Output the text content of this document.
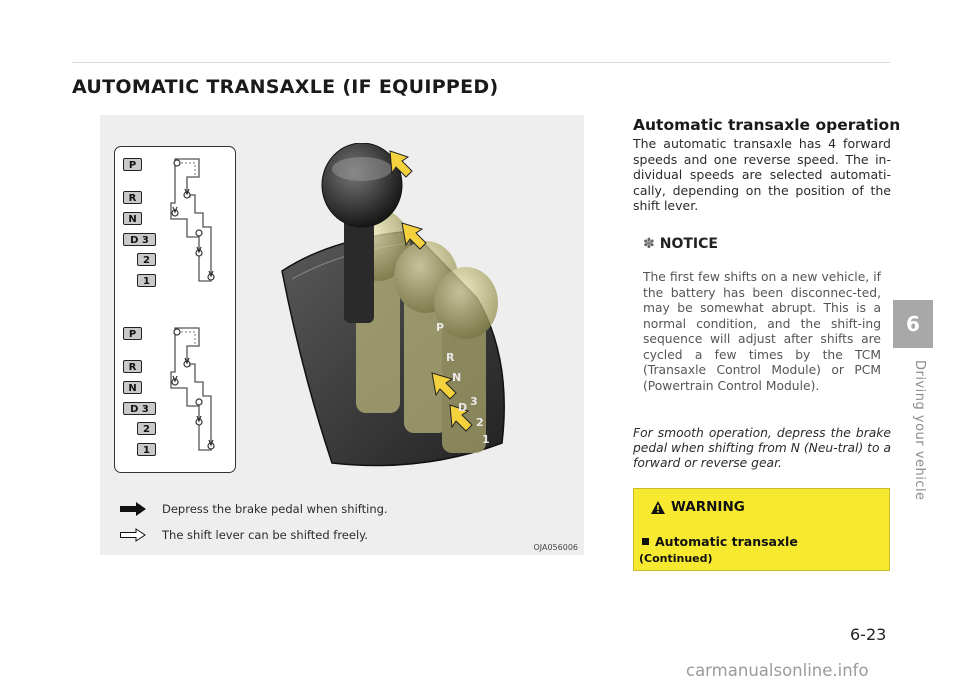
AUTOMATIC TRANSAXLE (IF EQUIPPED)
P
R
N
D 3
2
1
P
R
N
D 3
2
1
P
R
N
D 3
2
1
Depress the brake pedal when shifting.
The shift lever can be shifted freely.
OJA056006
Automatic transaxle operation

The automatic transaxle has 4 forward speeds and one reverse speed. The in-dividual speeds are selected automati-cally, depending on the position of the shift lever.

✽ NOTICE

The first few shifts on a new vehicle, if the battery has been disconnec-ted, may be somewhat abrupt. This is a normal condition, and the shift-ing sequence will adjust after shifts are cycled a few times by the TCM (Transaxle Control Module) or PCM (Powertrain Control Module).

For smooth operation, depress the brake pedal when shifting from N (Neu-tral) to a forward or reverse gear.

WARNING
Automatic transaxle
(Continued)
6
Driving your vehicle
6-23
carmanualsonline.info
